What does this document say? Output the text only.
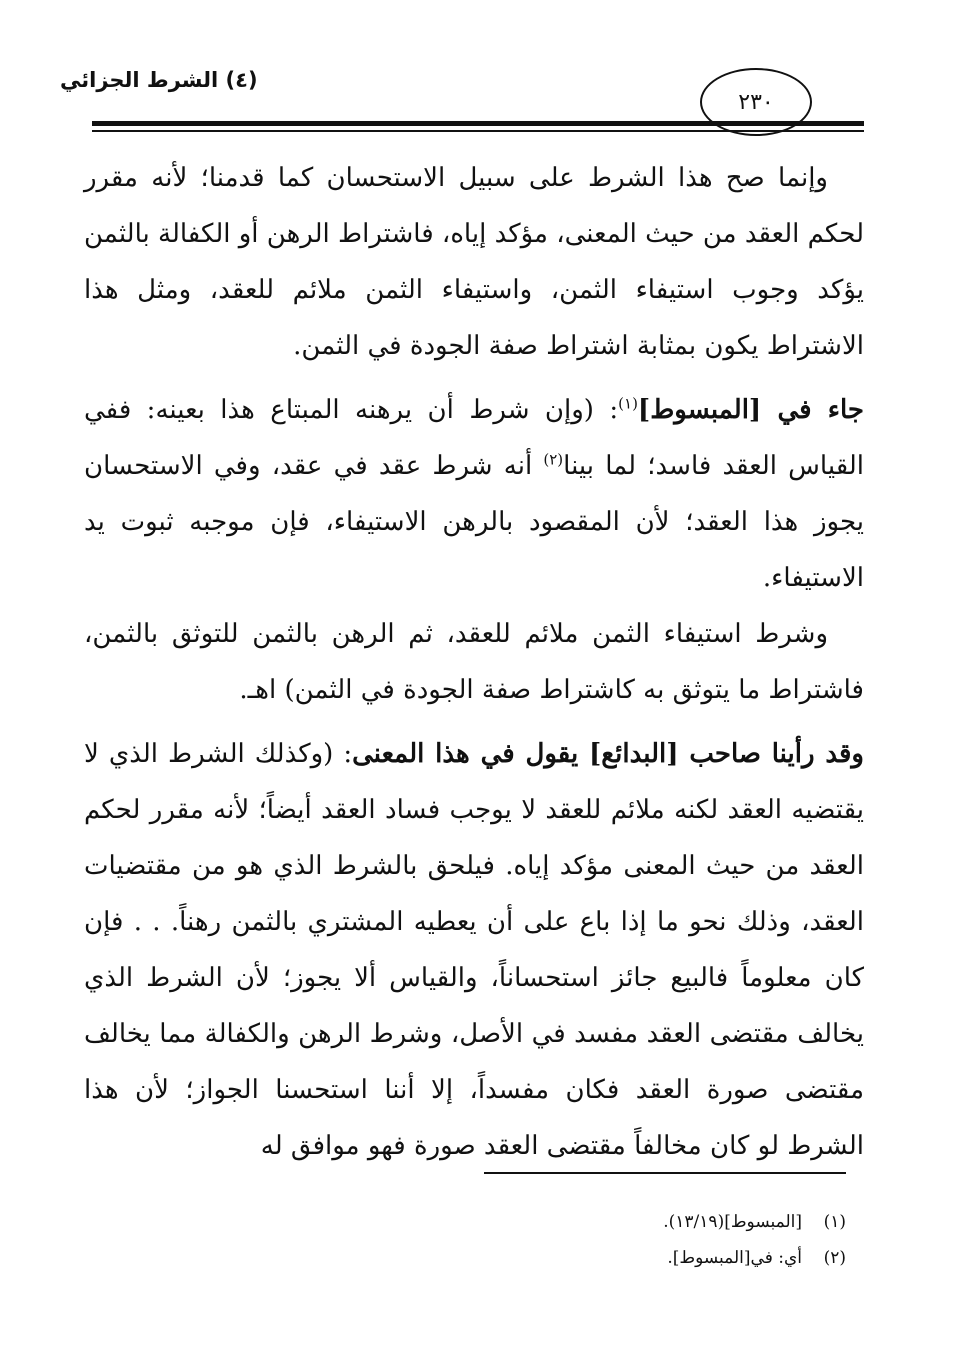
(٤) الشرط الجزائي
٢٣٠

وإنما صح هذا الشرط على سبيل الاستحسان كما قدمنا؛ لأنه مقرر لحكم العقد من حيث المعنى، مؤكد إياه، فاشتراط الرهن أو الكفالة بالثمن يؤكد وجوب استيفاء الثمن، واستيفاء الثمن ملائم للعقد، ومثل هذا الاشتراط يكون بمثابة اشتراط صفة الجودة في الثمن.

جاء في [المبسوط]$^{(١)}$: (وإن شرط أن يرهنه المبتاع هذا بعينه: ففي القياس العقد فاسد؛ لما بينا$^{(٢)}$ أنه شرط عقد في عقد، وفي الاستحسان يجوز هذا العقد؛ لأن المقصود بالرهن الاستيفاء، فإن موجبه ثبوت يد الاستيفاء.

وشرط استيفاء الثمن ملائم للعقد، ثم الرهن بالثمن للتوثق بالثمن، فاشتراط ما يتوثق به كاشتراط صفة الجودة في الثمن) اهـ.

وقد رأينا صاحب [البدائع] يقول في هذا المعنى: (وكذلك الشرط الذي لا يقتضيه العقد لكنه ملائم للعقد لا يوجب فساد العقد أيضاً؛ لأنه مقرر لحكم العقد من حيث المعنى مؤكد إياه. فيلحق بالشرط الذي هو من مقتضيات العقد، وذلك نحو ما إذا باع على أن يعطيه المشتري بالثمن رهناً. . . فإن كان معلوماً فالبيع جائز استحساناً، والقياس ألا يجوز؛ لأن الشرط الذي يخالف مقتضى العقد مفسد في الأصل، وشرط الرهن والكفالة مما يخالف مقتضى صورة العقد فكان مفسداً، إلا أننا استحسنا الجواز؛ لأن هذا الشرط لو كان مخالفاً مقتضى العقد صورة فهو موافق له

(١)
[المبسوط](١٣/١٩).
(٢)
أي: في[المبسوط].
